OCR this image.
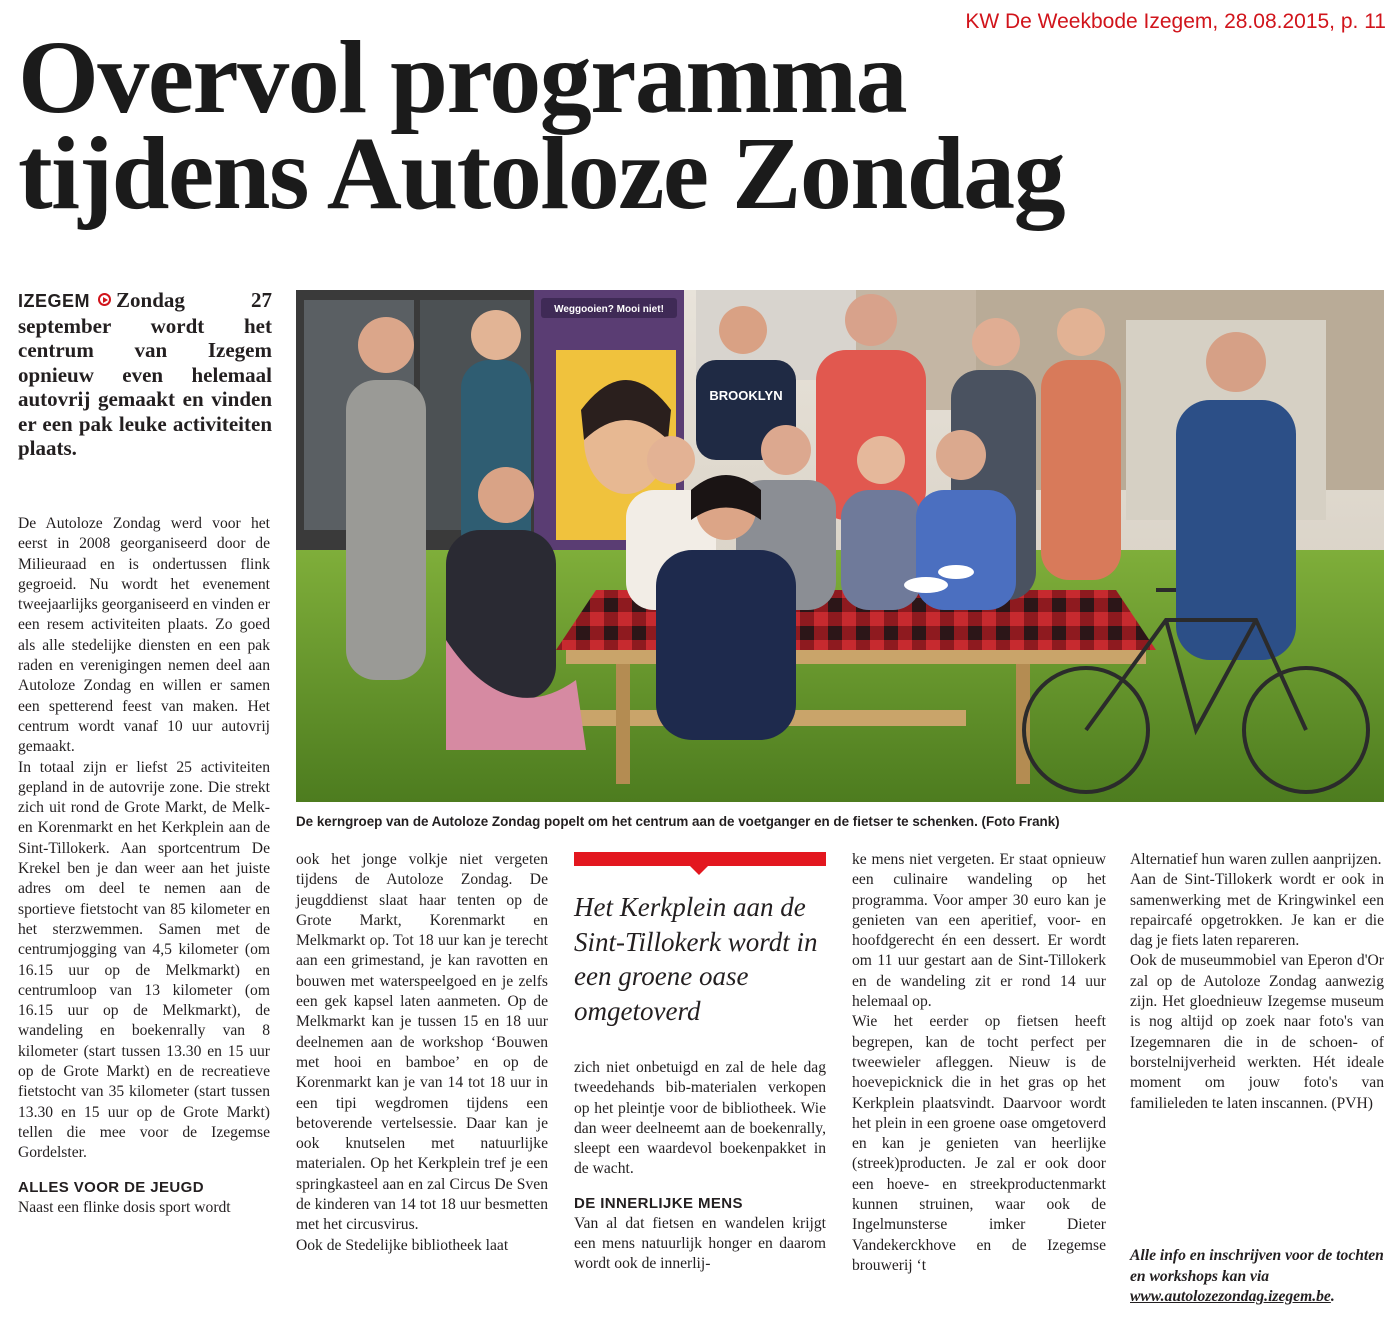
KW De Weekbode Izegem, 28.08.2015, p. 11
Overvol programma
tijdens Autoloze Zondag
IZEGEM Zondag 27 september wordt het centrum van Izegem opnieuw even helemaal autovrij gemaakt en vinden er een pak leuke activiteiten plaats.

De Autoloze Zondag werd voor het eerst in 2008 georganiseerd door de Milieuraad en is ondertussen flink gegroeid. Nu wordt het evenement tweejaarlijks georganiseerd en vinden er een resem activiteiten plaats. Zo goed als alle stedelijke diensten en een pak raden en verenigingen nemen deel aan Autoloze Zondag en willen er samen een spetterend feest van maken. Het centrum wordt vanaf 10 uur autovrij gemaakt.

In totaal zijn er liefst 25 activiteiten gepland in de autovrije zone. Die strekt zich uit rond de Grote Markt, de Melk- en Korenmarkt en het Kerkplein aan de Sint-Tillokerk. Aan sportcentrum De Krekel ben je dan weer aan het juiste adres om deel te nemen aan de sportieve fietstocht van 85 kilometer en het sterzwemmen. Samen met de centrumjogging van 4,5 kilometer (om 16.15 uur op de Melkmarkt) en centrumloop van 13 kilometer (om 16.15 uur op de Melkmarkt), de wandeling en boekenrally van 8 kilometer (start tussen 13.30 en 15 uur op de Grote Markt) en de recreatieve fietstocht van 35 kilometer (start tussen 13.30 en 15 uur op de Grote Markt) tellen die mee voor de Izegemse Gordelster.

ALLES VOOR DE JEUGD

Naast een flinke dosis sport wordt

Weggooien? Mooi niet!
BROOKLYN
De kerngroep van de Autoloze Zondag popelt om het centrum aan de voetganger en de fietser te schenken. (Foto Frank)

ook het jonge volkje niet vergeten tijdens de Autoloze Zondag. De jeugddienst slaat haar tenten op de Grote Markt, Korenmarkt en Melkmarkt op. Tot 18 uur kan je terecht aan een grimestand, je kan ravotten en bouwen met waterspeelgoed en je zelfs een gek kapsel laten aanmeten. Op de Melkmarkt kan je tussen 15 en 18 uur deelnemen aan de workshop ‘Bouwen met hooi en bamboe’ en op de Korenmarkt kan je van 14 tot 18 uur in een tipi wegdromen tijdens een betoverende vertelsessie. Daar kan je ook knutselen met natuurlijke materialen. Op het Kerkplein tref je een springkasteel aan en zal Circus De Sven de kinderen van 14 tot 18 uur besmetten met het circusvirus.

Ook de Stedelijke bibliotheek laat

Het Kerkplein aan de Sint-Tillokerk wordt in een groene oase omgetoverd

zich niet onbetuigd en zal de hele dag tweedehands bib-materialen verkopen op het pleintje voor de bibliotheek. Wie dan weer deelneemt aan de boekenrally, sleept een waardevol boekenpakket in de wacht.

DE INNERLIJKE MENS

Van al dat fietsen en wandelen krijgt een mens natuurlijk honger en daarom wordt ook de innerlij-

ke mens niet vergeten. Er staat opnieuw een culinaire wandeling op het programma. Voor amper 30 euro kan je genieten van een aperitief, voor- en hoofdgerecht én een dessert. Er wordt om 11 uur gestart aan de Sint-Tillokerk en de wandeling zit er rond 14 uur helemaal op.

Wie het eerder op fietsen heeft begrepen, kan de tocht perfect per tweewieler afleggen. Nieuw is de hoevepicknick die in het gras op het Kerkplein plaatsvindt. Daarvoor wordt het plein in een groene oase omgetoverd en kan je genieten van heerlijke (streek)producten. Je zal er ook door een hoeve- en streekproductenmarkt kunnen struinen, waar ook de Ingelmunsterse imker Dieter Vandekerckhove en de Izegemse brouwerij ‘t

Alternatief hun waren zullen aanprijzen.

Aan de Sint-Tillokerk wordt er ook in samenwerking met de Kringwinkel een repaircafé opgetrokken. Je kan er die dag je fiets laten repareren.

Ook de museummobiel van Eperon d'Or zal op de Autoloze Zondag aanwezig zijn. Het gloednieuw Izegemse museum is nog altijd op zoek naar foto's van Izegemnaren die in de schoen- of borstelnijverheid werkten. Hét ideale moment om jouw foto's van familieleden te laten inscannen. (PVH)

Alle info en inschrijven voor de tochten en workshops kan via www.autolozezondag.izegem.be.
